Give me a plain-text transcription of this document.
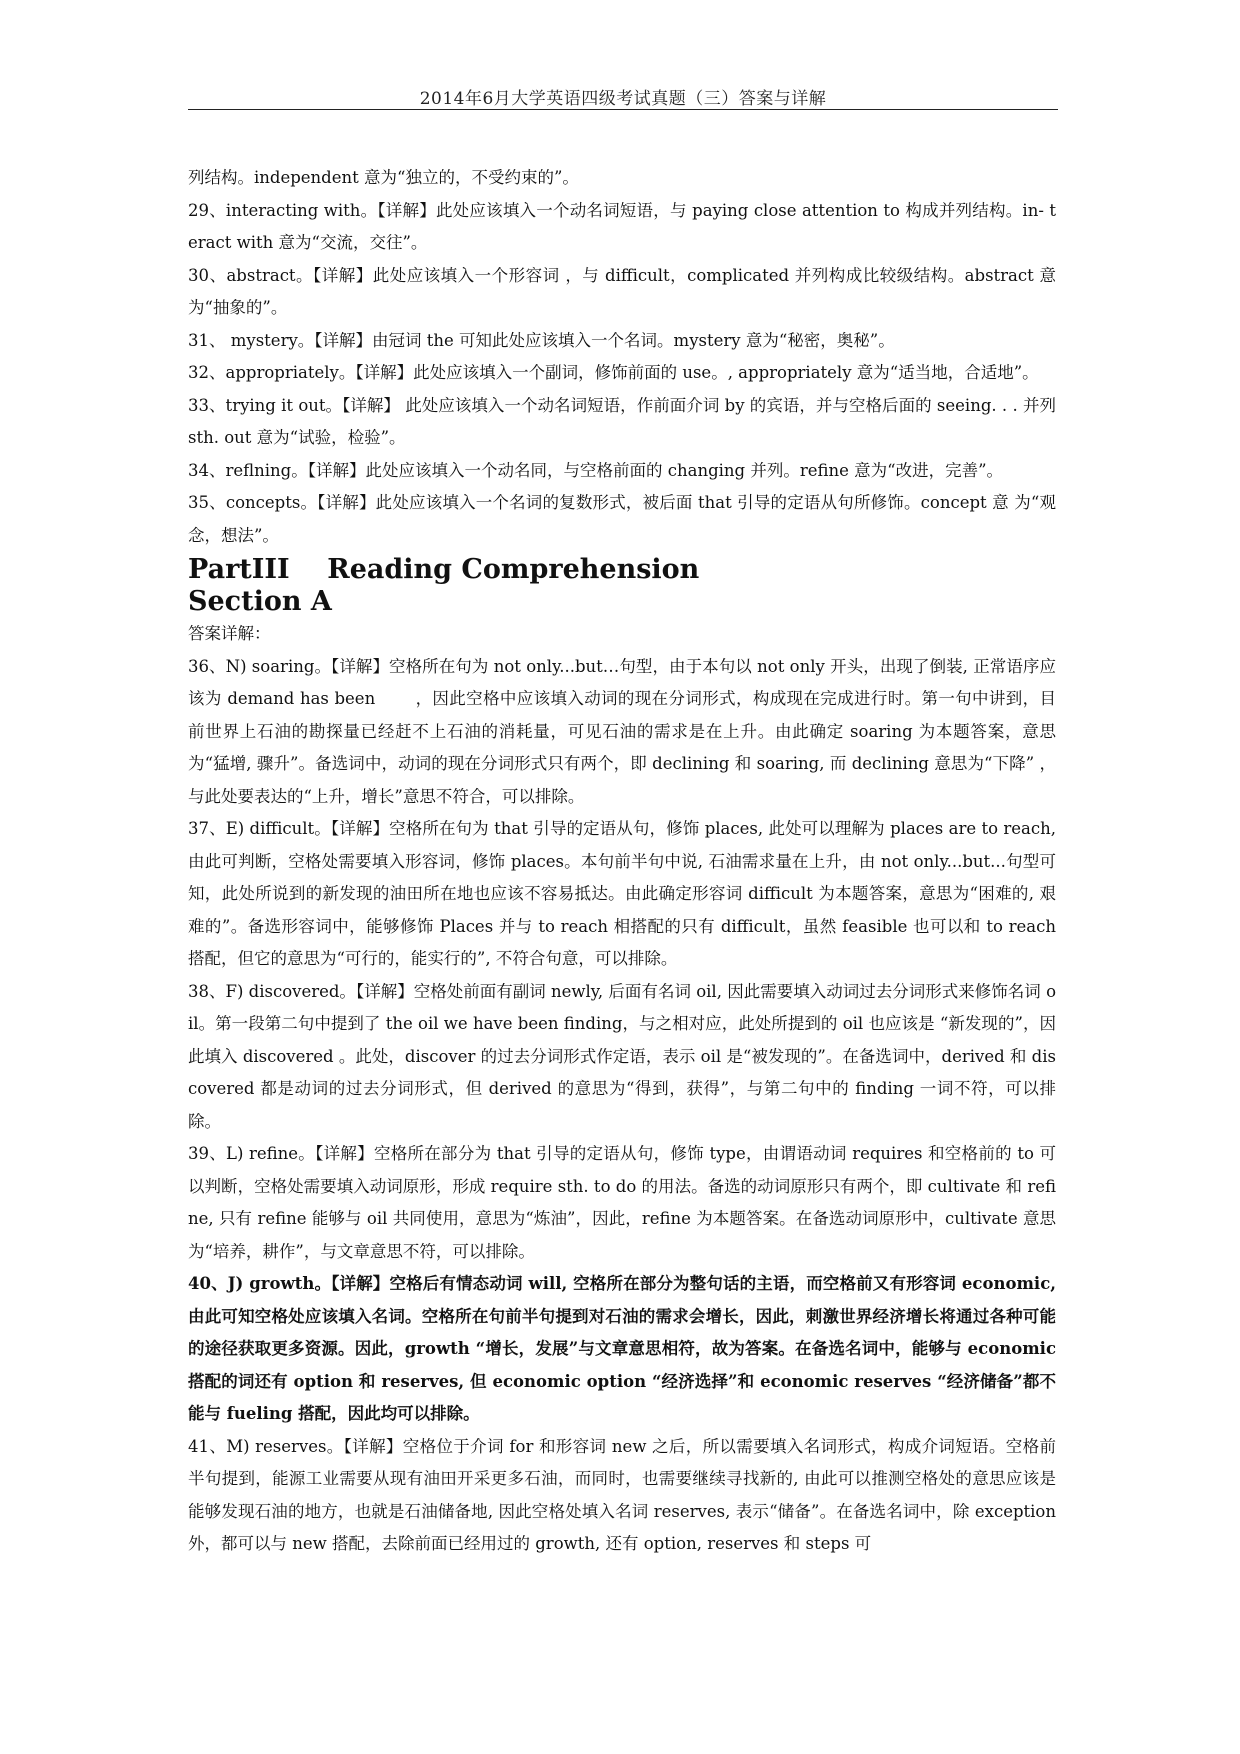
2014年6月大学英语四级考试真题（三）答案与详解

列结构。independent 意为“独立的，不受约束的”。

29、interacting with。【详解】此处应该填入一个动名词短语，与 paying close attention to 构成并列结构。in- teract with 意为“交流，交往”。

30、abstract。【详解】此处应该填入一个形容词 ，与 difficult，complicated 并列构成比较级结构。abstract 意为“抽象的”。

31、 mystery。【详解】由冠词 the 可知此处应该填入一个名词。mystery 意为“秘密，奥秘”。

32、appropriately。【详解】此处应该填入一个副词，修饰前面的 use。, appropriately 意为“适当地，合适地”。

33、trying it out。【详解】 此处应该填入一个动名词短语，作前面介词 by 的宾语，并与空格后面的 seeing. . . 并列 sth. out 意为“试验，检验”。

34、reflning。【详解】此处应该填入一个动名同，与空格前面的 changing 并列。refine 意为“改进，完善”。

35、concepts。【详解】此处应该填入一个名词的复数形式，被后面 that 引导的定语从句所修饰。concept 意 为“观念，想法”。

PartIII    Reading Comprehension
Section A

答案详解：

36、N) soaring。【详解】空格所在句为 not only...but…句型，由于本句以 not only 开头，出现了倒装, 正常语序应该为 demand has been ，因此空格中应该填入动词的现在分词形式，构成现在完成进行时。第一句中讲到，目前世界上石油的勘探量已经赶不上石油的消耗量，可见石油的需求是在上升。由此确定 soaring 为本题答案，意思为“猛增, 骤升”。备选词中，动词的现在分词形式只有两个，即 declining 和 soaring, 而 declining 意思为“下降” ，与此处要表达的“上升，增长”意思不符合，可以排除。

37、E) difficult。【详解】空格所在句为 that 引导的定语从句，修饰 places, 此处可以理解为 places are to reach, 由此可判断，空格处需要填入形容词，修饰 places。本句前半句中说, 石油需求量在上升，由 not only...but...句型可知，此处所说到的新发现的油田所在地也应该不容易抵达。由此确定形容词 difficult 为本题答案，意思为“困难的, 艰难的”。备选形容词中，能够修饰 Places 并与 to reach 相搭配的只有 difficult，虽然 feasible 也可以和 to reach 搭配，但它的意思为“可行的，能实行的”, 不符合句意，可以排除。

38、F) discovered。【详解】空格处前面有副词 newly, 后面有名词 oil, 因此需要填入动词过去分词形式来修饰名词 oil。第一段第二句中提到了 the oil we have been finding，与之相对应，此处所提到的 oil 也应该是 “新发现的”，因此填入 discovered 。此处，discover 的过去分词形式作定语，表示 oil 是“被发现的”。在备选词中，derived 和 discovered 都是动词的过去分词形式，但 derived 的意思为“得到，获得”，与第二句中的 finding 一词不符，可以排除。

39、L) refine。【详解】空格所在部分为 that 引导的定语从句，修饰 type，由谓语动词 requires 和空格前的 to 可以判断，空格处需要填入动词原形，形成 require sth. to do 的用法。备选的动词原形只有两个，即 cultivate 和 refine, 只有 refine 能够与 oil 共同使用，意思为“炼油”，因此，refine 为本题答案。在备选动词原形中，cultivate 意思为“培养，耕作”，与文章意思不符，可以排除。

40、J) growth。【详解】空格后有情态动词 will, 空格所在部分为整句话的主语，而空格前又有形容词 economic, 由此可知空格处应该填入名词。空格所在句前半句提到对石油的需求会增长，因此，刺激世界经济增长将通过各种可能的途径获取更多资源。因此，growth “增长，发展”与文章意思相符，故为答案。在备选名词中，能够与 economic 搭配的词还有 option 和 reserves, 但 economic option “经济选择”和 economic reserves “经济储备”都不能与 fueling 搭配，因此均可以排除。

41、M) reserves。【详解】空格位于介词 for 和形容词 new 之后，所以需要填入名词形式，构成介词短语。空格前半句提到，能源工业需要从现有油田开采更多石油，而同时，也需要继续寻找新的, 由此可以推测空格处的意思应该是能够发现石油的地方，也就是石油储备地, 因此空格处填入名词 reserves, 表示“储备”。在备选名词中，除 exception 外，都可以与 new 搭配，去除前面已经用过的 growth, 还有 option, reserves 和 steps 可
